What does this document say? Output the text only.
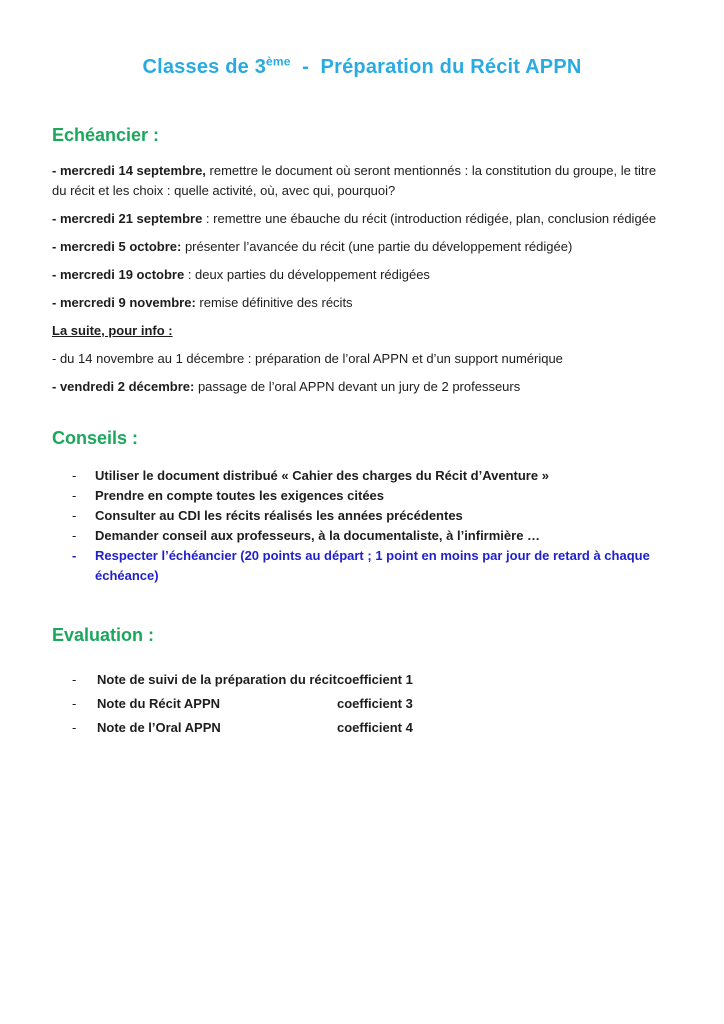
Classes de 3ème  -  Préparation du Récit APPN
Echéancier :

- mercredi 14 septembre, remettre le document où seront mentionnés : la constitution du groupe, le titre du récit et les choix : quelle activité, où, avec qui, pourquoi?

- mercredi 21 septembre : remettre une ébauche du récit (introduction rédigée, plan, conclusion rédigée

- mercredi 5 octobre: présenter l’avancée du récit (une partie du développement rédigée)

- mercredi 19 octobre : deux parties du développement rédigées

- mercredi 9 novembre: remise définitive des récits

La suite, pour info :

- du 14 novembre au 1 décembre : préparation de l’oral APPN et d’un support numérique

- vendredi 2 décembre: passage de l’oral APPN devant un jury de 2 professeurs

Conseils :
-	Utiliser le document distribué « Cahier des charges du Récit d’Aventure »
-	Prendre en compte toutes les exigences citées
-	Consulter au CDI les récits réalisés les années précédentes
-	Demander conseil aux professeurs, à la documentaliste, à l’infirmière …
-	Respecter l’échéancier (20 points au départ ; 1 point en moins par jour de retard à chaque échéance)
Evaluation :
-	Note de suivi de la préparation du récit coefficient 1
-	Note du Récit APPN	coefficient 3
-	Note de l’Oral APPN	coefficient 4
